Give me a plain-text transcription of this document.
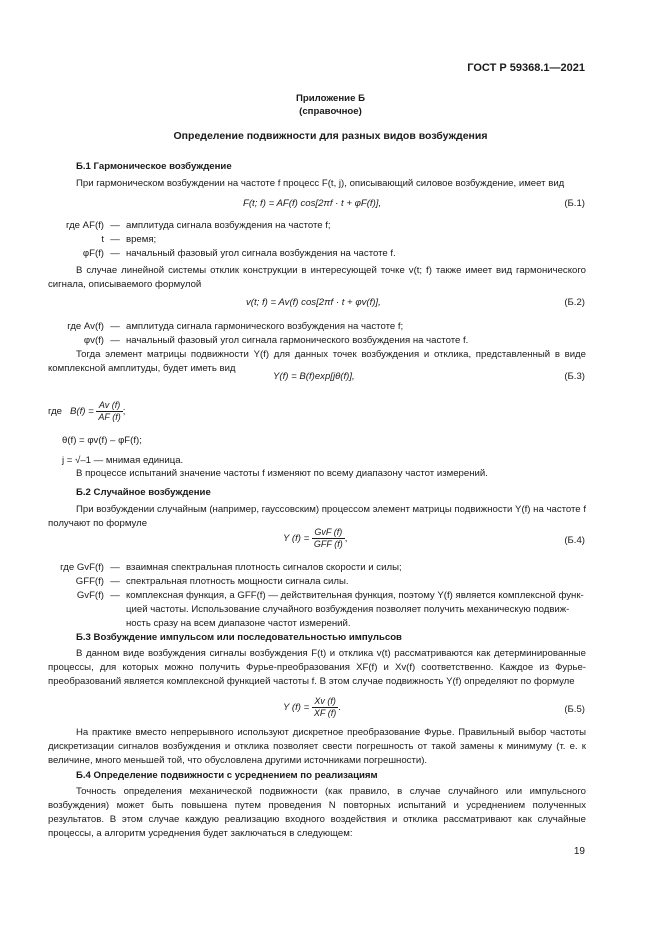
ГОСТ Р 59368.1—2021
Приложение Б
(справочное)
Определение подвижности для разных видов возбуждения
Б.1 Гармоническое возбуждение
При гармоническом возбуждении на частоте f процесс F(t, j), описывающий силовое возбуждение, имеет вид
F(t; f) = AF(f) cos[2πf · t + φF(f)],	(Б.1)
где AF(f) — амплитуда сигнала возбуждения на частоте f;
t — время;
φF(f) — начальный фазовый угол сигнала возбуждения на частоте f.
В случае линейной системы отклик конструкции в интересующей точке v(t; f) также имеет вид гармонического сигнала, описываемого формулой
v(t; f) = Av(f) cos[2πf · t + φv(f)],	(Б.2)
где Av(f) — амплитуда сигнала гармонического возбуждения на частоте f;
φv(f) — начальный фазовый угол сигнала гармонического возбуждения на частоте f.
Тогда элемент матрицы подвижности Y(f) для данных точек возбуждения и отклика, представленный в виде комплексной амплитуды, будет иметь вид
Y(f) = B(f)exp[jθ(f)],	(Б.3)
где $B(f) = \frac{Av (f)}{AF (f)}$ ;
θ(f) = φv(f) – φF(f);
j = √–1 — мнимая единица.
В процессе испытаний значение частоты f изменяют по всему диапазону частот измерений.
Б.2 Случайное возбуждение
При возбуждении случайным (например, гауссовским) процессом элемент матрицы подвижности Y(f) на частоте f получают по формуле
Y $(f) = \frac{\text{GvF (f)}}{\text{GFF (f)}}$ ,	(Б.4)
где GvF(f) — взаимная спектральная плотность сигналов скорости и силы;
GFF(f) — спектральная плотность мощности сигнала силы.
GvF(f) — комплексная функция, а GFF(f) — действительная функция, поэтому Y(f) является комплексной функ-
цией частоты. Использование случайного возбуждения позволяет получить механическую подвиж-
ность сразу на всем диапазоне частот измерений.
Б.3 Возбуждение импульсом или последовательностью импульсов
В данном виде возбуждения сигналы возбуждения F(t) и отклика v(t) рассматриваются как детерминированные процессы, для которых можно получить Фурье-преобразования XF(f) и Xv(f) соответственно. Каждое из Фурье-преобразований является комплексной функцией частоты f. В этом случае подвижность Y(f) определяют по формуле
Y $(f) = \frac{Xv (f)}{XF (f)}$ .	(Б.5)
На практике вместо непрерывного используют дискретное преобразование Фурье. Правильный выбор частоты дискретизации сигналов возбуждения и отклика позволяет свести погрешность от такой замены к минимуму (т. е. к величине, много меньшей той, что обусловлена другими источниками погрешности).
Б.4 Определение подвижности с усреднением по реализациям
Точность определения механической подвижности (как правило, в случае случайного или импульсного возбуждения) может быть повышена путем проведения N повторных испытаний и усреднением полученных результатов. В этом случае каждую реализацию входного воздействия и отклика рассматривают как случайные процессы, а алгоритм усреднения будет заключаться в следующем:
19
